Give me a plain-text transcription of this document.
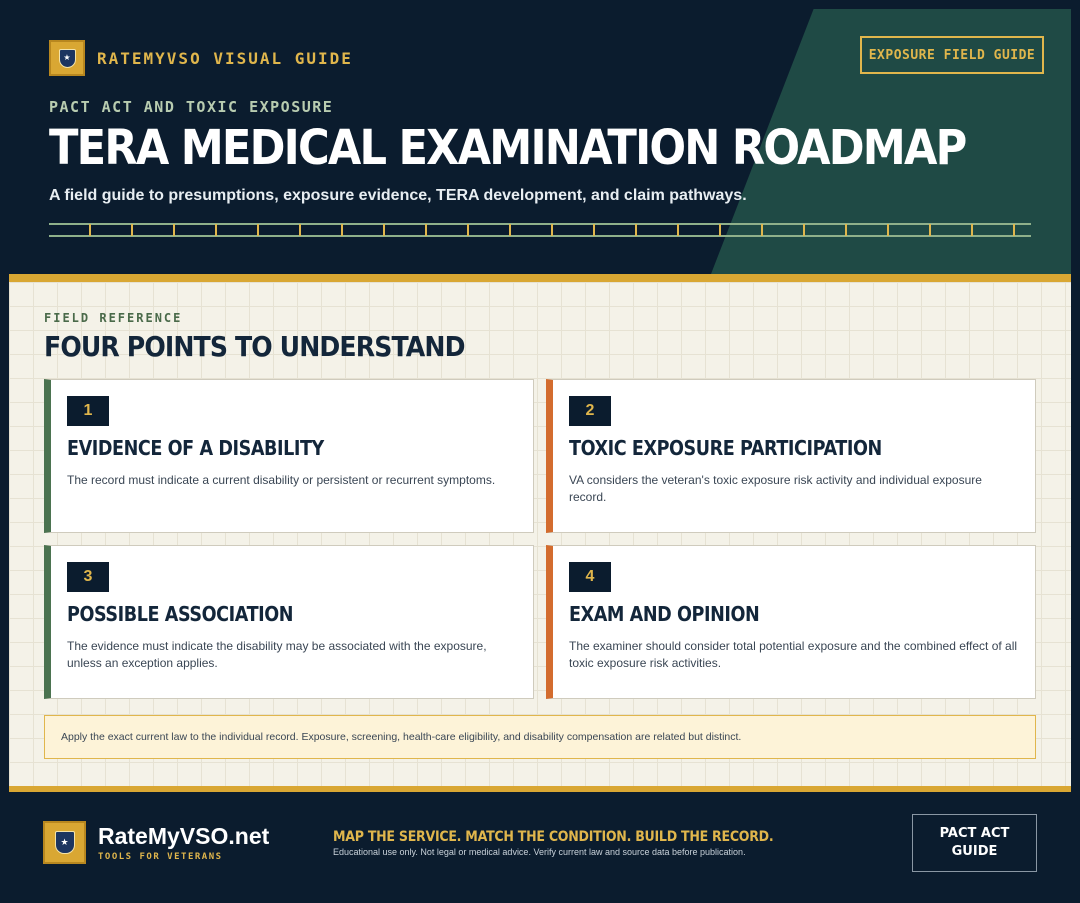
★	RATEMYVSO VISUAL GUIDE	EXPOSURE FIELD GUIDE
PACT ACT AND TOXIC EXPOSURE
TERA MEDICAL EXAMINATION ROADMAP
A field guide to presumptions, exposure evidence, TERA development, and claim pathways.
FIELD REFERENCE
FOUR POINTS TO UNDERSTAND
1
EVIDENCE OF A DISABILITY
The record must indicate a current disability or persistent or recurrent symptoms.
2
TOXIC EXPOSURE PARTICIPATION
VA considers the veteran's toxic exposure risk activity and individual exposure record.
3
POSSIBLE ASSOCIATION
The evidence must indicate the disability may be associated with the exposure, unless an exception applies.
4
EXAM AND OPINION
The examiner should consider total potential exposure and the combined effect of all toxic exposure risk activities.
Apply the exact current law to the individual record. Exposure, screening, health-care eligibility, and disability compensation are related but distinct.
★ RateMyVSO.net
TOOLS FOR VETERANS
MAP THE SERVICE. MATCH THE CONDITION. BUILD THE RECORD.
Educational use only. Not legal or medical advice. Verify current law and source data before publication.
PACT ACT GUIDE
